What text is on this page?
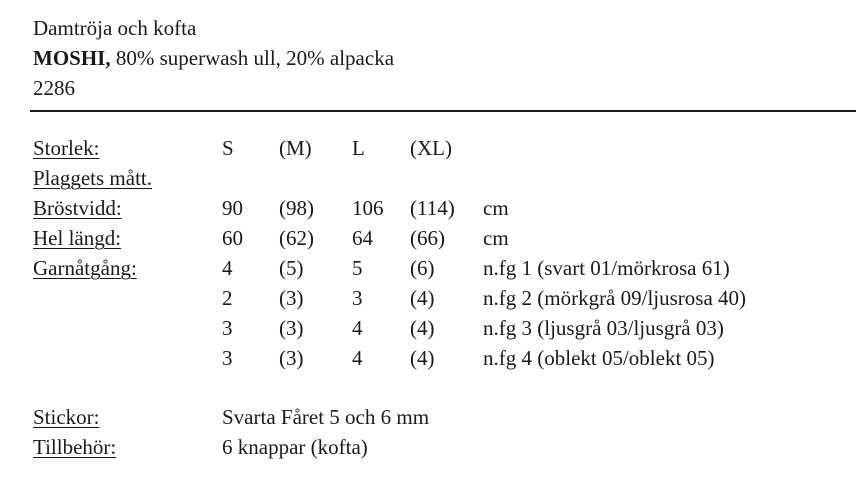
Damtröja och kofta
MOSHI, 80% superwash ull, 20% alpacka
2286
Storlek:	S (M) L (XL)
Plaggets mått.
Bröstvidd:	90 (98) 106 (114) cm
Hel längd:	60 (62) 64 (66) cm
Garnåtgång:	4 (5) 5 (6) n.fg 1 (svart 01/mörkrosa 61)
2 (3) 3 (4) n.fg 2 (mörkgrå 09/ljusrosa 40)
3 (3) 4 (4) n.fg 3 (ljusgrå 03/ljusgrå 03)
3 (3) 4 (4) n.fg 4 (oblekt 05/oblekt 05)
Stickor:	Svarta Fåret 5 och 6 mm
Tillbehör:	6 knappar (kofta)
